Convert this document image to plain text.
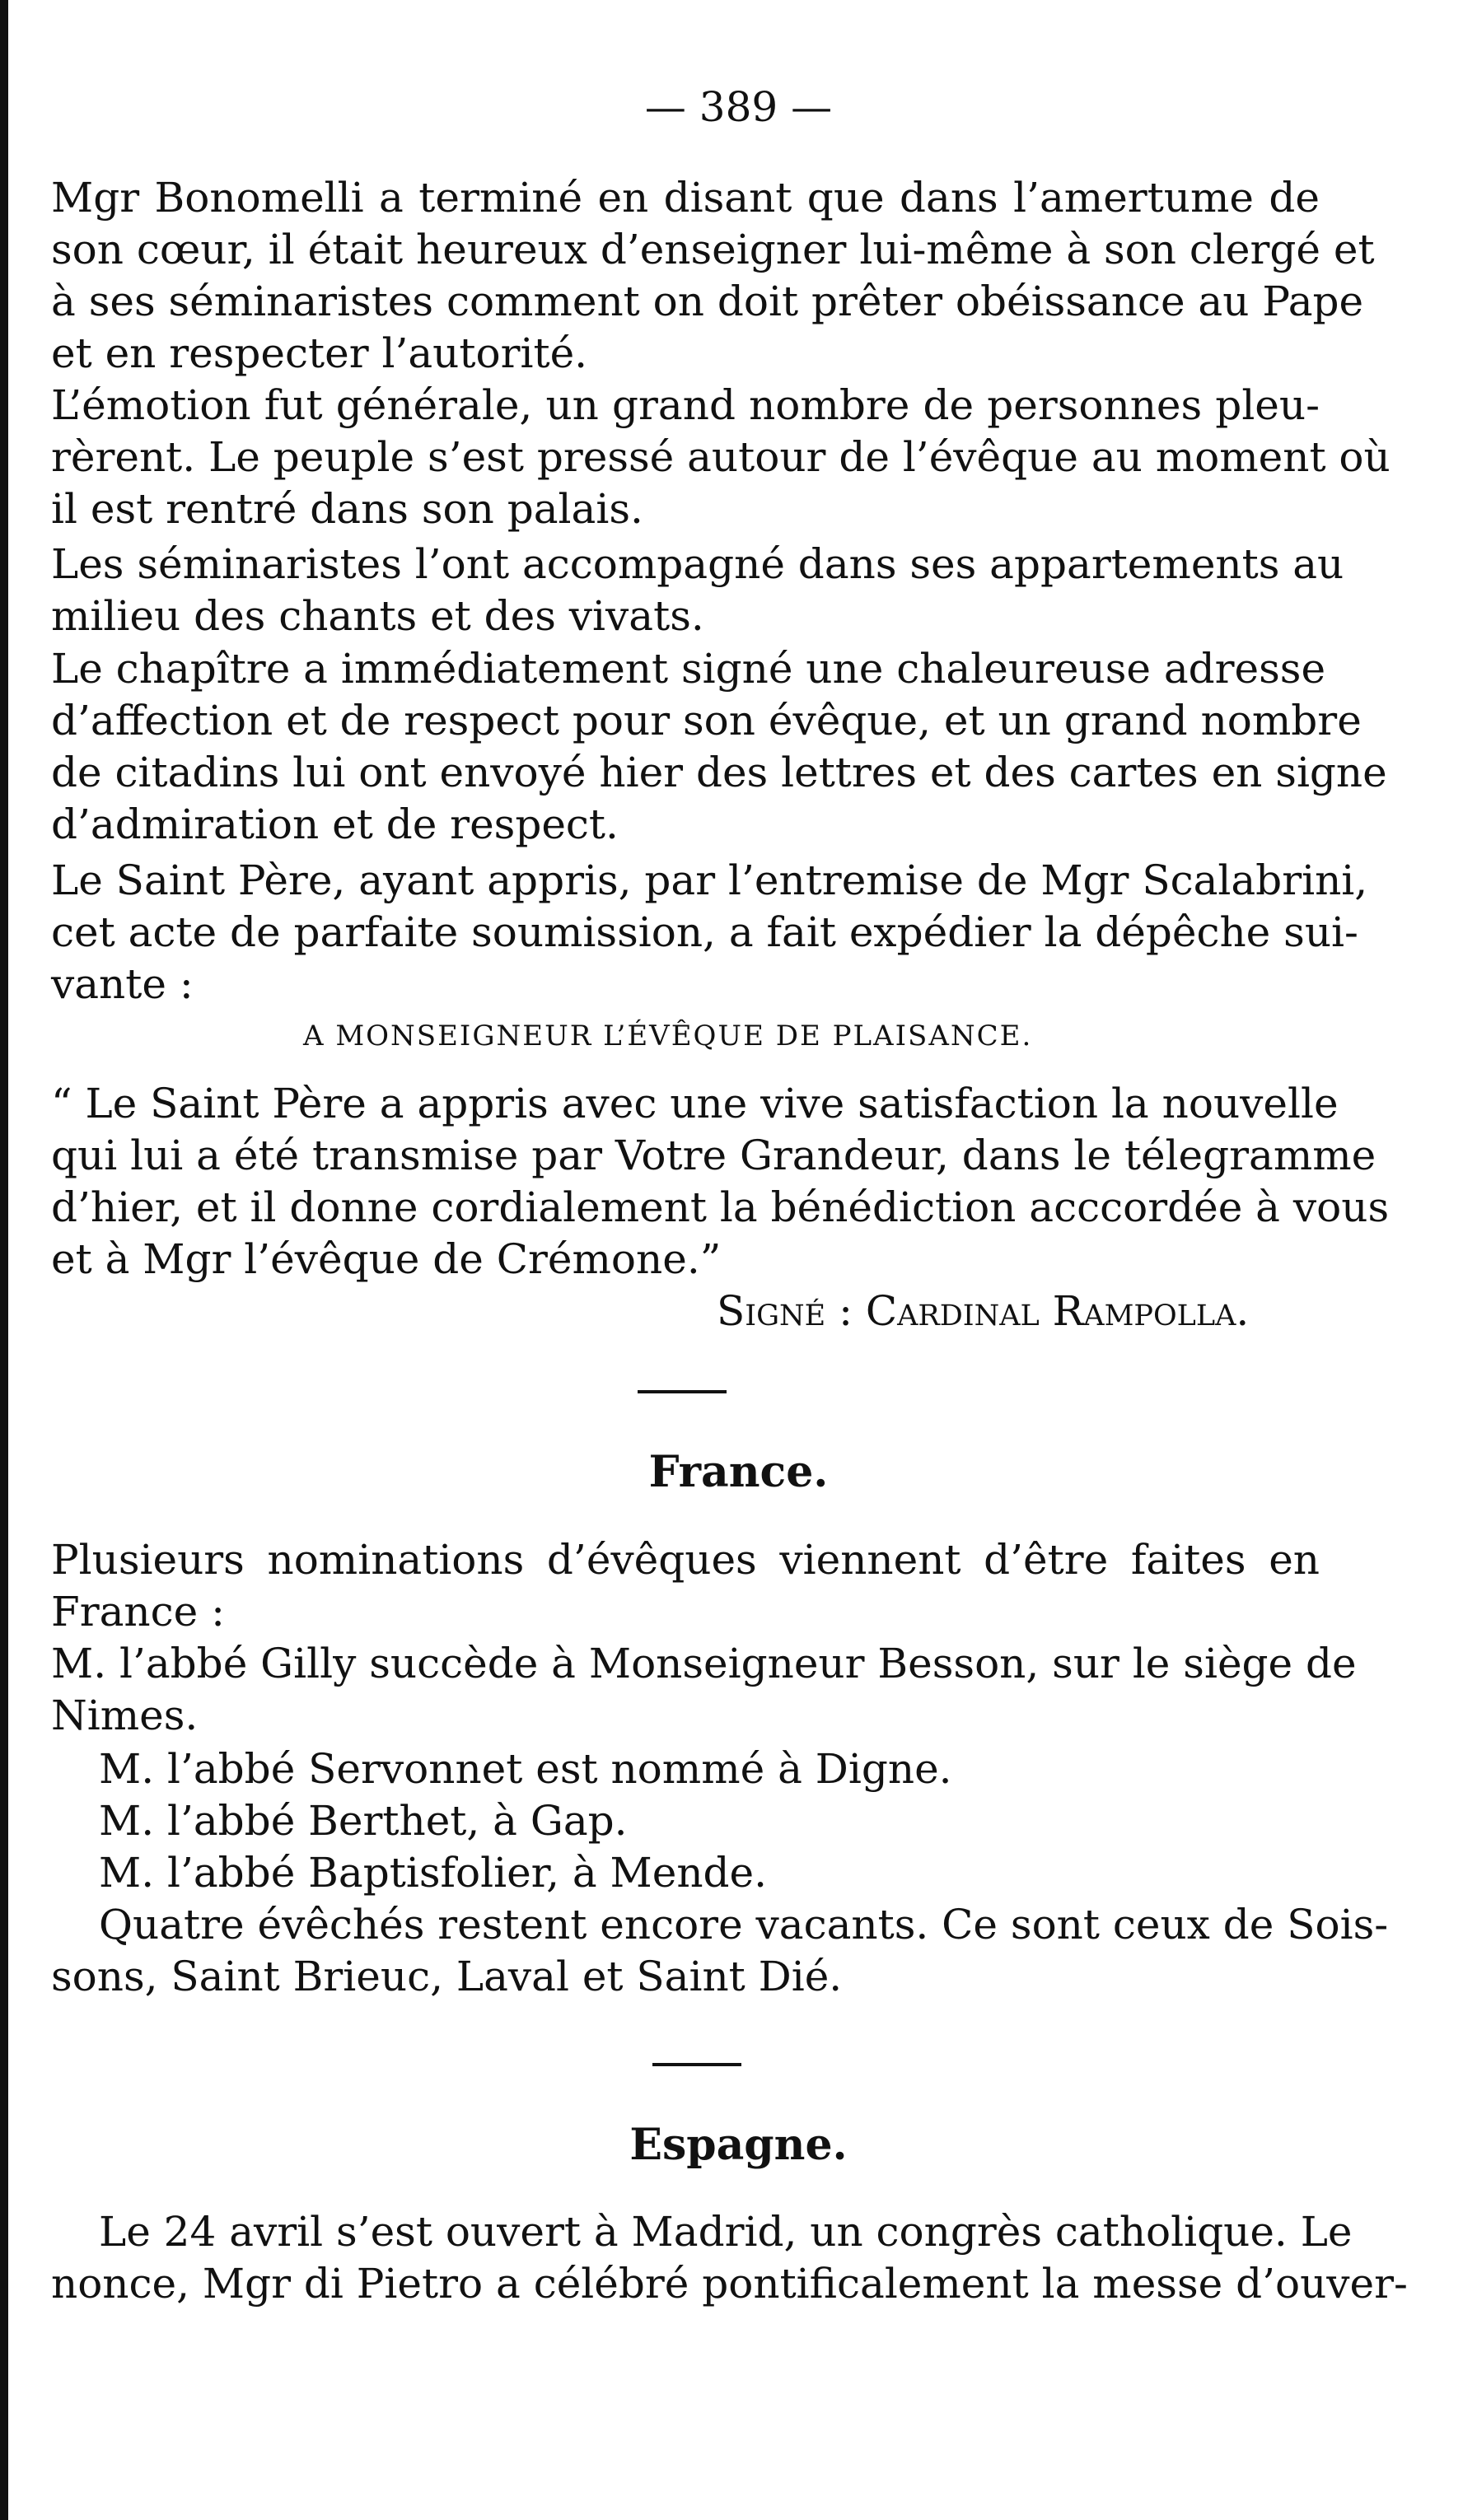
— 389 —
Mgr Bonomelli a terminé en disant que dans l’amertume de
son cœur, il était heureux d’enseigner lui-même à son clergé et
à ses séminaristes comment on doit prêter obéissance au Pape
et en respecter l’autorité.
L’émotion fut générale, un grand nombre de personnes pleu-
rèrent. Le peuple s’est pressé autour de l’évêque au moment où
il est rentré dans son palais.
Les séminaristes l’ont accompagné dans ses appartements au
milieu des chants et des vivats.
Le chapître a immédiatement signé une chaleureuse adresse
d’affection et de respect pour son évêque, et un grand nombre
de citadins lui ont envoyé hier des lettres et des cartes en signe
d’admiration et de respect.
Le Saint Père, ayant appris, par l’entremise de Mgr Scalabrini,
cet acte de parfaite soumission, a fait expédier la dépêche sui-
vante :
A MONSEIGNEUR L’ÉVÊQUE DE PLAISANCE.
“ Le Saint Père a appris avec une vive satisfaction la nouvelle
qui lui a été transmise par Votre Grandeur, dans le télegramme
d’hier, et il donne cordialement la bénédiction acccordée à vous
et à Mgr l’évêque de Crémone.”
Signé : Cardinal Rampolla.
France.
Plusieurs nominations d’évêques viennent d’être faites en
France :
M. l’abbé Gilly succède à Monseigneur Besson, sur le siège de
Nimes.
M. l’abbé Servonnet est nommé à Digne.
M. l’abbé Berthet, à Gap.
M. l’abbé Baptisfolier, à Mende.
Quatre évêchés restent encore vacants. Ce sont ceux de Sois-
sons, Saint Brieuc, Laval et Saint Dié.
Espagne.
Le 24 avril s’est ouvert à Madrid, un congrès catholique. Le
nonce, Mgr di Pietro a célébré pontificalement la messe d’ouver-
